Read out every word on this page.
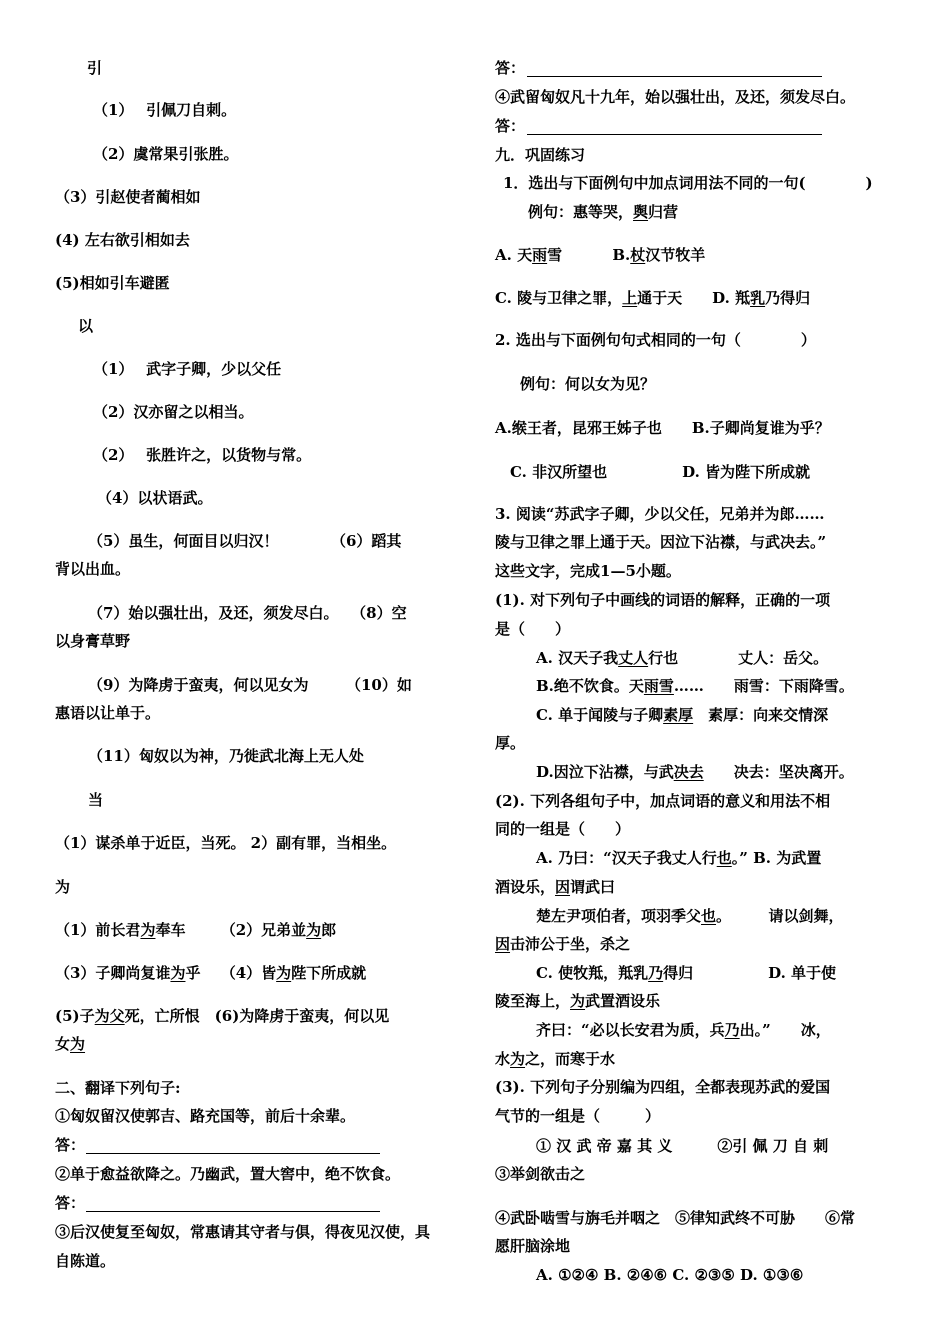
引
（1）　 引佩刀自刺。
（2）虞常果引张胜。
（3）引赵使者蔺相如
(4) 左右欲引相如去
(5)相如引车避匿
以
（1）　 武字子卿，少以父任
（2）汉亦留之以相当。
（2）　 张胜许之，以货物与常。
（4）以状语武。
（5）虽生，何面目以归汉！　　　　（6）蹈其
背以出血。
（7）始以强壮出，及还，须发尽白。　 （8）空
以身膏草野
（9）为降虏于蛮夷，何以见女为　　　（10）如
惠语以让单于。
（11）匈奴以为神，乃徙武北海上无人处
当
（1）谋杀单于近臣，当死。 2）副有罪，当相坐。
为
（1）前长君为奉车　　 （2）兄弟並为郎
（3）子卿尚复谁为乎　 （4）皆为陛下所成就
(5)子为父死，亡所恨　(6)为降虏于蛮夷，何以见
女为
二、翻译下列句子:
①匈奴留汉使郭吉、路充国等，前后十余辈。
答：
②单于愈益欲降之。乃幽武，置大窖中，绝不饮食。
答：
③后汉使复至匈奴，常惠请其守者与俱，得夜见汉使，具
自陈道。
答：
④武留匈奴凡十九年，始以强壮出，及还，须发尽白。
答：
九．巩固练习
1．选出与下面例句中加点词用法不同的一句(　　　　)
例句：惠等哭，舆归营
A. 天雨雪　　　 B.杖汉节牧羊
C. 陵与卫律之罪，上通于天　　D. 羝乳乃得归
2. 选出与下面例句句式相同的一句（　　　　）
例句：何以女为见？
A.缑王者，昆邪王姊子也　　B.子卿尚复谁为乎？
C. 非汉所望也　　　　　D. 皆为陛下所成就
3. 阅读“苏武字子卿，少以父任，兄弟并为郎……
陵与卫律之罪上通于天。因泣下沾襟，与武决去。”
这些文字，完成1—5小题。
(1). 对下列句子中画线的词语的解释，正确的一项
是（　　）
A. 汉天子我丈人行也　　　　丈人：岳父。
B.绝不饮食。天雨雪……　　雨雪：下雨降雪。
C. 单于闻陵与子卿素厚　素厚：向来交情深
厚。
D.因泣下沾襟，与武决去　　决去：坚决离开。
(2). 下列各组句子中，加点词语的意义和用法不相
同的一组是（　　）
A. 乃曰：“汉天子我丈人行也。” B. 为武置
酒设乐，因谓武曰
楚左尹项伯者，项羽季父也。　　　请以剑舞，
因击沛公于坐，杀之
C. 使牧羝，羝乳乃得归　　　　　D. 单于使
陵至海上，为武置酒设乐
齐曰：“必以长安君为质，兵乃出。”　　冰，
水为之，而寒于水
(3). 下列句子分别编为四组，全都表现苏武的爱国
气节的一组是（　　　）
① 汉 武 帝 嘉 其 义　　　②引 佩 刀 自 刺
③举剑欲击之
④武卧啮雪与旃毛并咽之　⑤律知武终不可胁　　⑥常
愿肝脑涂地
A. ①②④ B. ②④⑥ C. ②③⑤ D. ①③⑥
